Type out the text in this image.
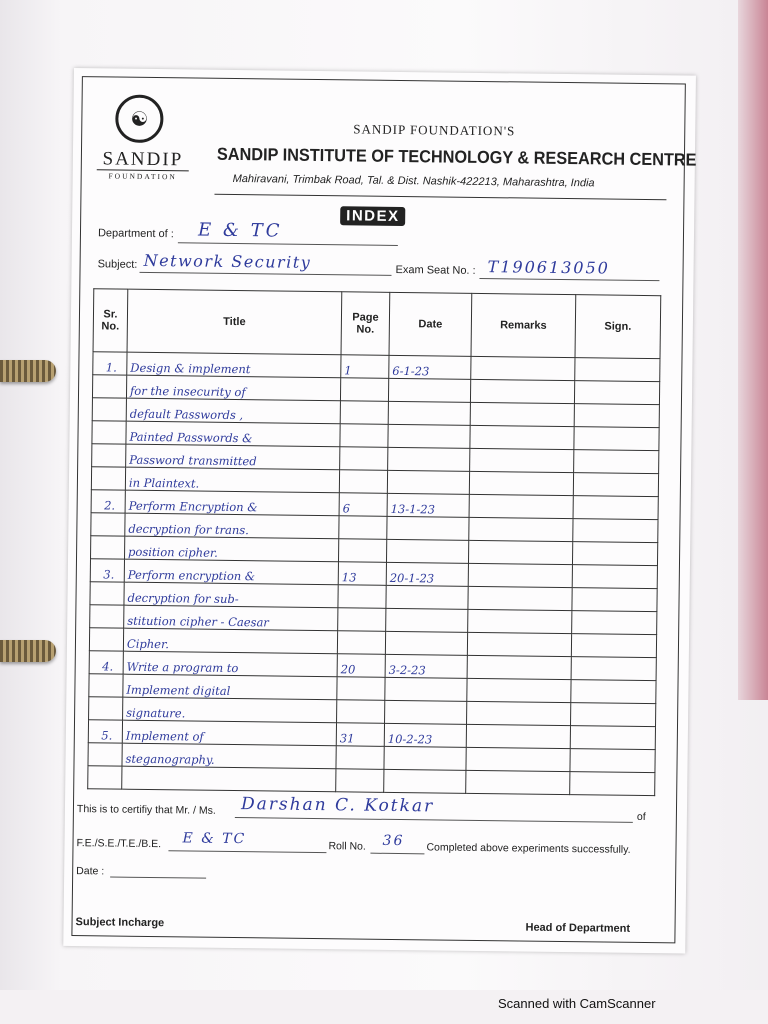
☯
SANDIP
FOUNDATION
SANDIP FOUNDATION'S
SANDIP INSTITUTE OF TECHNOLOGY & RESEARCH CENTRE
Mahiravani, Trimbak Road, Tal. & Dist. Nashik-422213, Maharashtra, India
INDEX
Department of : E & TC
Subject: Network Security	Exam Seat No. : T190613050
Sr. No.	Title	Page No.	Date	Remarks	Sign.
1.	Design & implement	1	6-1-23		
	for the insecurity of				
	default Passwords ,				
	Painted Passwords &				
	Password transmitted				
	in Plaintext.				
2.	Perform Encryption &	6	13-1-23		
	decryption for trans.				
	position cipher.				
3.	Perform encryption &	13	20-1-23		
	decryption for sub-				
	stitution cipher - Caesar				
	Cipher.				
4.	Write a program to	20	3-2-23		
	Implement digital				
	signature.				
5.	Implement of	31	10-2-23		
	steganography.				

This is to certifiy that Mr. / Ms. Darshan C. Kotkar
of
F.E./S.E./T.E./B.E. E & TC	Roll No. 36 Completed above experiments successfully.
Date :
Subject Incharge	Head of Department
Scanned with CamScanner
